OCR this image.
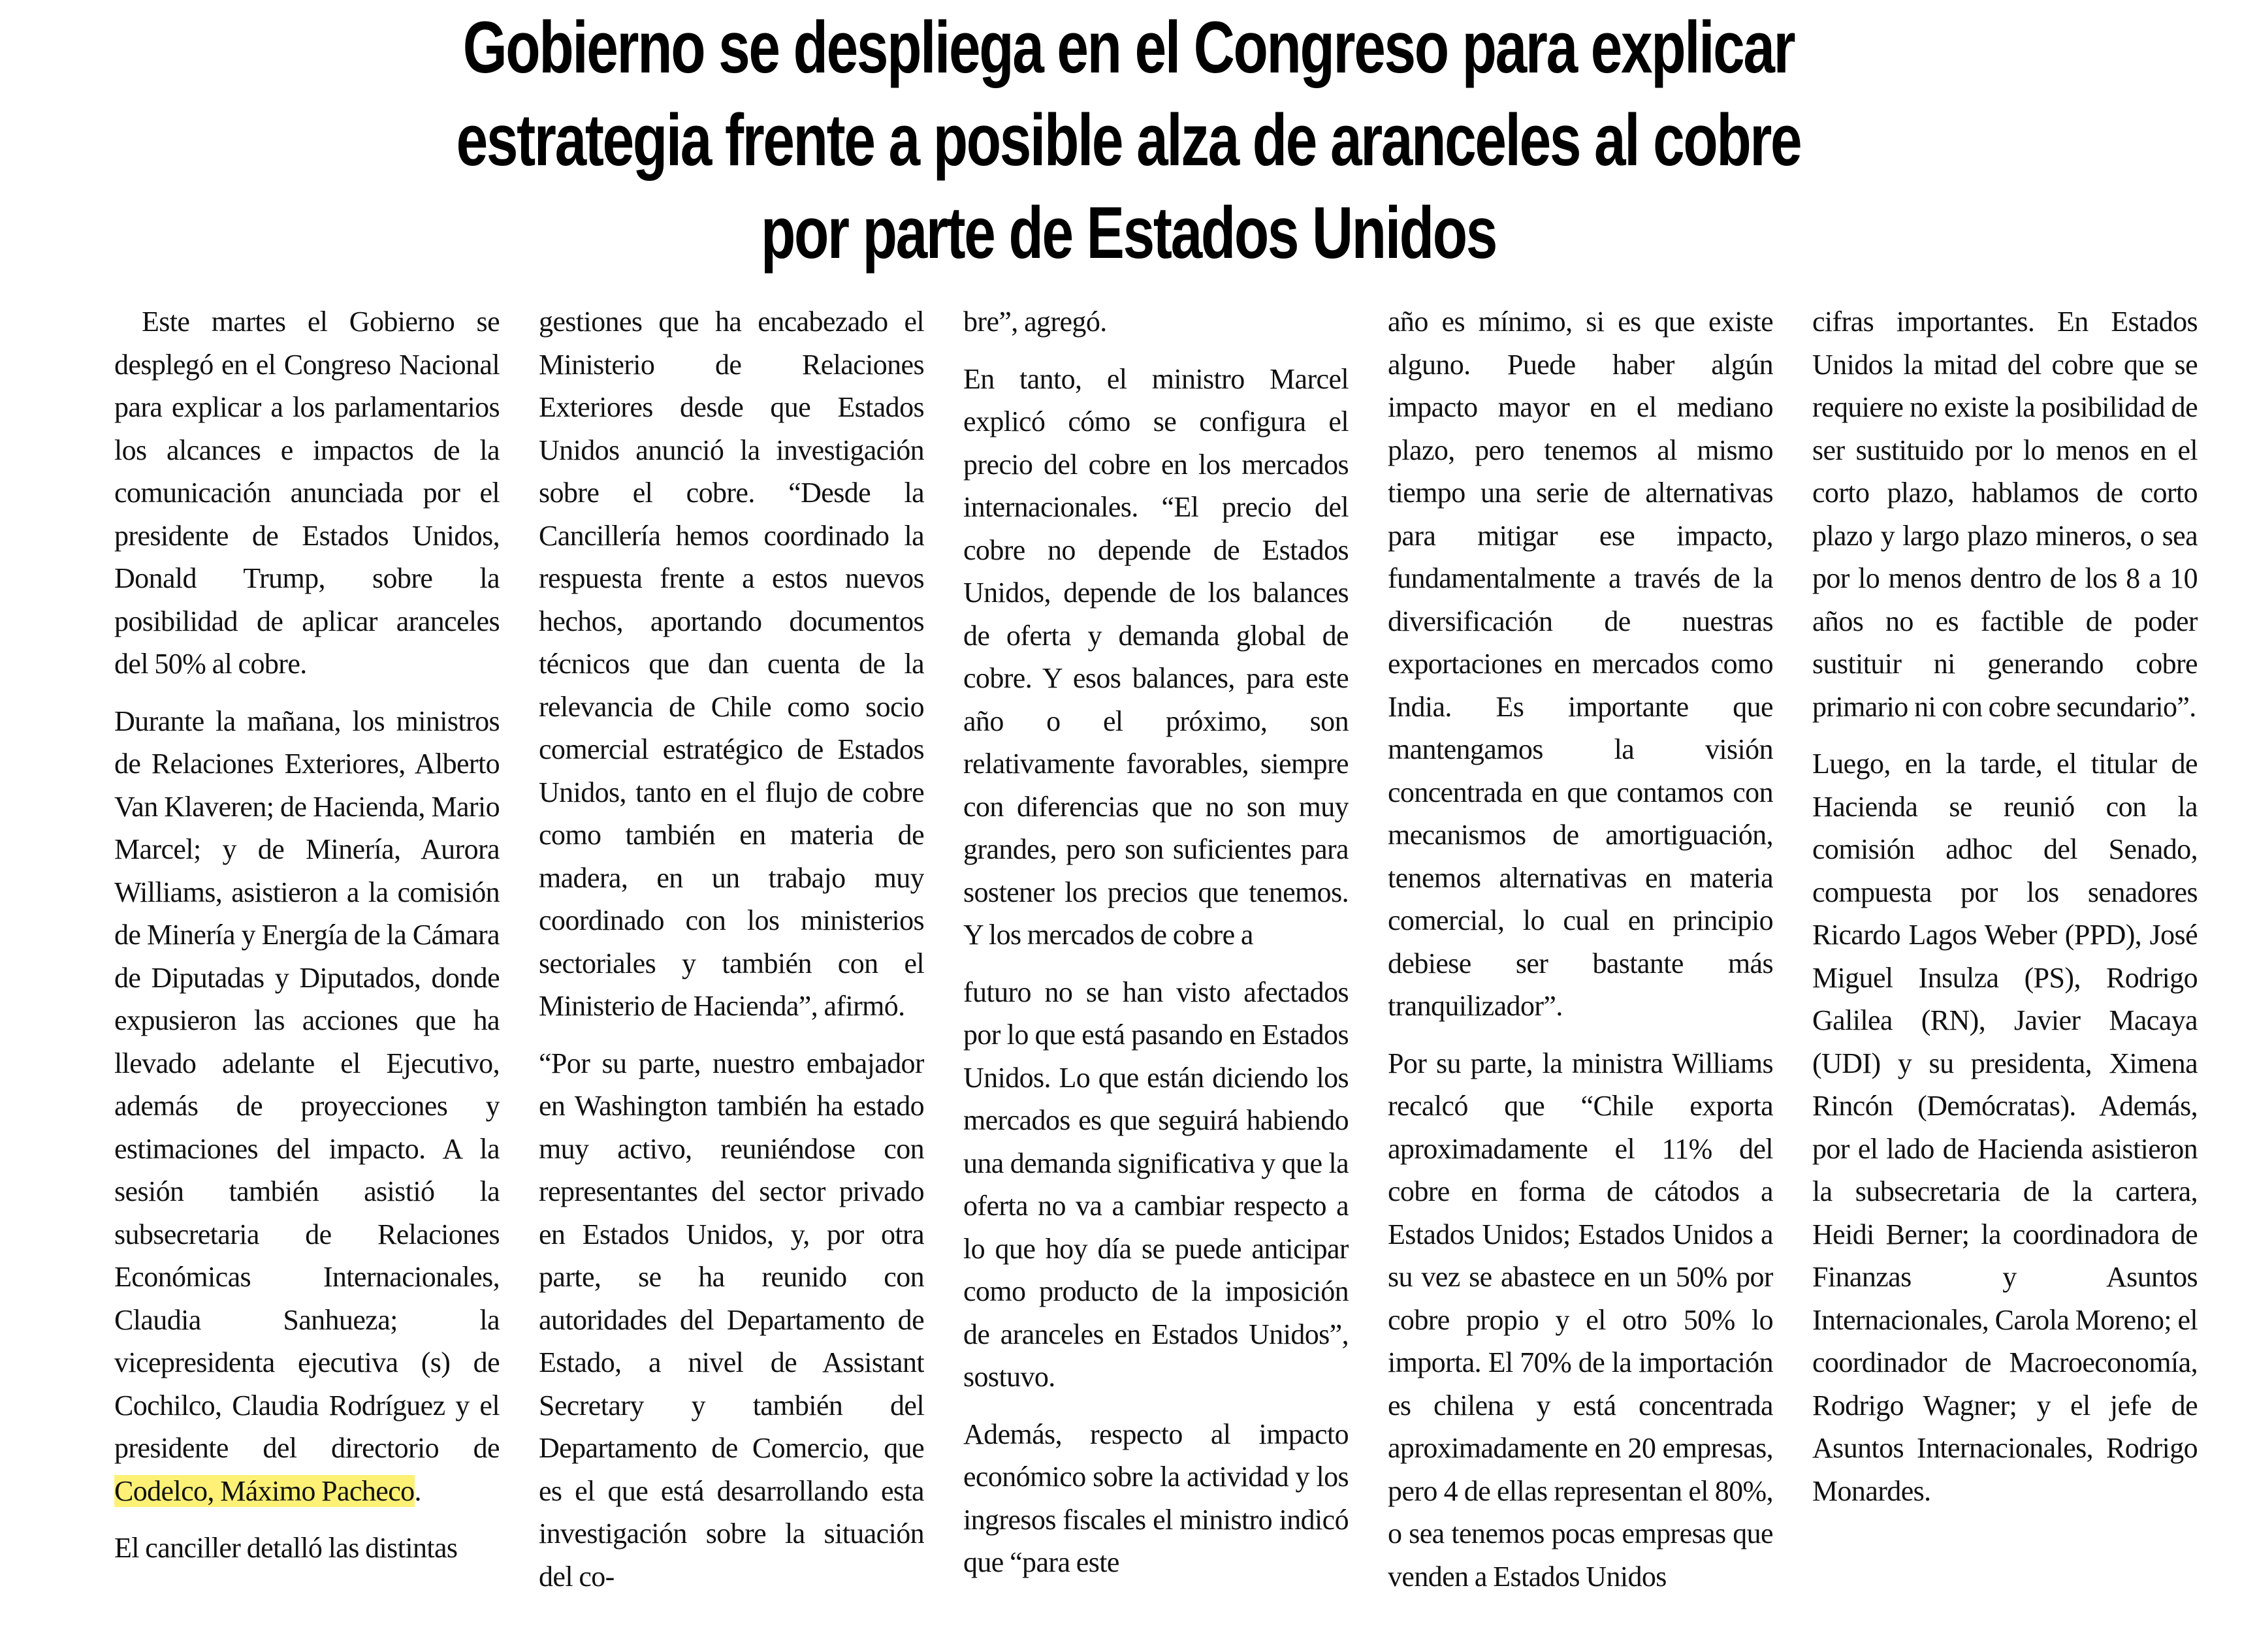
Gobierno se despliega en el Congreso para explicar
estrategia frente a posible alza de aranceles al cobre
por parte de Estados Unidos

Este martes el Gobierno se desplegó en el Congreso Nacional para explicar a los parlamentarios los alcances e impactos de la comunicación anunciada por el presidente de Estados Unidos, Donald Trump, sobre la posibilidad de aplicar aranceles del 50% al cobre.

Durante la mañana, los ministros de Relaciones Exteriores, Alberto Van Klaveren; de Hacienda, Mario Marcel; y de Minería, Aurora Williams, asistieron a la comisión de Minería y Energía de la Cámara de Diputadas y Diputados, donde expusieron las acciones que ha llevado adelante el Ejecutivo, además de proyecciones y estimaciones del impacto. A la sesión también asistió la subsecretaria de Relaciones Económicas Internacionales, Claudia Sanhueza; la vicepresidenta ejecutiva (s) de Cochilco, Claudia Rodríguez y el presidente del directorio de Codelco, Máximo Pacheco.

El canciller detalló las distintas

gestiones que ha encabezado el Ministerio de Relaciones Exteriores desde que Estados Unidos anunció la investigación sobre el cobre. “Desde la Cancillería hemos coordinado la respuesta frente a estos nuevos hechos, aportando documentos técnicos que dan cuenta de la relevancia de Chile como socio comercial estratégico de Estados Unidos, tanto en el flujo de cobre como también en materia de madera, en un trabajo muy coordinado con los ministerios sectoriales y también con el Ministerio de Hacienda”, afirmó.

“Por su parte, nuestro embajador en Washington también ha estado muy activo, reuniéndose con representantes del sector privado en Estados Unidos, y, por otra parte, se ha reunido con autoridades del Departamento de Estado, a nivel de Assistant Secretary y también del Departamento de Comercio, que es el que está desarrollando esta investigación sobre la situación del co-

bre”, agregó.

En tanto, el ministro Marcel explicó cómo se configura el precio del cobre en los mercados internacionales. “El precio del cobre no depende de Estados Unidos, depende de los balances de oferta y demanda global de cobre. Y esos balances, para este año o el próximo, son relativamente favorables, siempre con diferencias que no son muy grandes, pero son suficientes para sostener los precios que tenemos. Y los mercados de cobre a

futuro no se han visto afectados por lo que está pasando en Estados Unidos. Lo que están diciendo los mercados es que seguirá habiendo una demanda significativa y que la oferta no va a cambiar respecto a lo que hoy día se puede anticipar como producto de la imposición de aranceles en Estados Unidos”, sostuvo.

Además, respecto al impacto económico sobre la actividad y los ingresos fiscales el ministro indicó que “para este

año es mínimo, si es que existe alguno. Puede haber algún impacto mayor en el mediano plazo, pero tenemos al mismo tiempo una serie de alternativas para mitigar ese impacto, fundamentalmente a través de la diversificación de nuestras exportaciones en mercados como India. Es importante que mantengamos la visión concentrada en que contamos con mecanismos de amortiguación, tenemos alternativas en materia comercial, lo cual en principio debiese ser bastante más tranquilizador”.

Por su parte, la ministra Williams recalcó que “Chile exporta aproximadamente el 11% del cobre en forma de cátodos a Estados Unidos; Estados Unidos a su vez se abastece en un 50% por cobre propio y el otro 50% lo importa. El 70% de la importación es chilena y está concentrada aproximadamente en 20 empresas, pero 4 de ellas representan el 80%, o sea tenemos pocas empresas que venden a Estados Unidos

cifras importantes. En Estados Unidos la mitad del cobre que se requiere no existe la posibilidad de ser sustituido por lo menos en el corto plazo, hablamos de corto plazo y largo plazo mineros, o sea por lo menos dentro de los 8 a 10 años no es factible de poder sustituir ni generando cobre primario ni con cobre secundario”.

Luego, en la tarde, el titular de Hacienda se reunió con la comisión adhoc del Senado, compuesta por los senadores Ricardo Lagos Weber (PPD), José Miguel Insulza (PS), Rodrigo Galilea (RN), Javier Macaya (UDI) y su presidenta, Ximena Rincón (Demócratas). Además, por el lado de Hacienda asistieron la subsecretaria de la cartera, Heidi Berner; la coordinadora de Finanzas y Asuntos Internacionales, Carola Moreno; el coordinador de Macroeconomía, Rodrigo Wagner; y el jefe de Asuntos Internacionales, Rodrigo Monardes.
